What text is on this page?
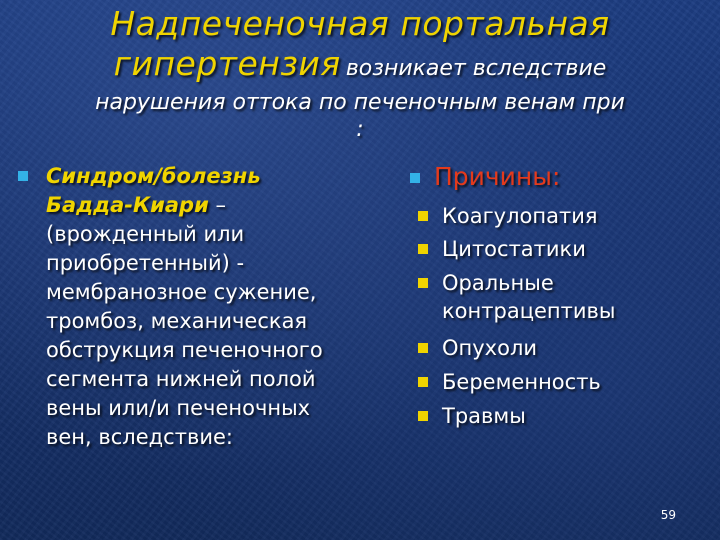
Надпеченочная портальная
гипертензия возникает вследствие
нарушения оттока по печеночным венам при
:
Синдром/болезнь
Бадда-Киари –
(врожденный или
приобретенный) -
мембранозное сужение,
тромбоз, механическая
обструкция печеночного
сегмента нижней полой
вены или/и печеночных
вен, вследствие:
Причины:
Коагулопатия
Цитостатики
Оральные контрацептивы
Опухоли
Беременность
Травмы
59
